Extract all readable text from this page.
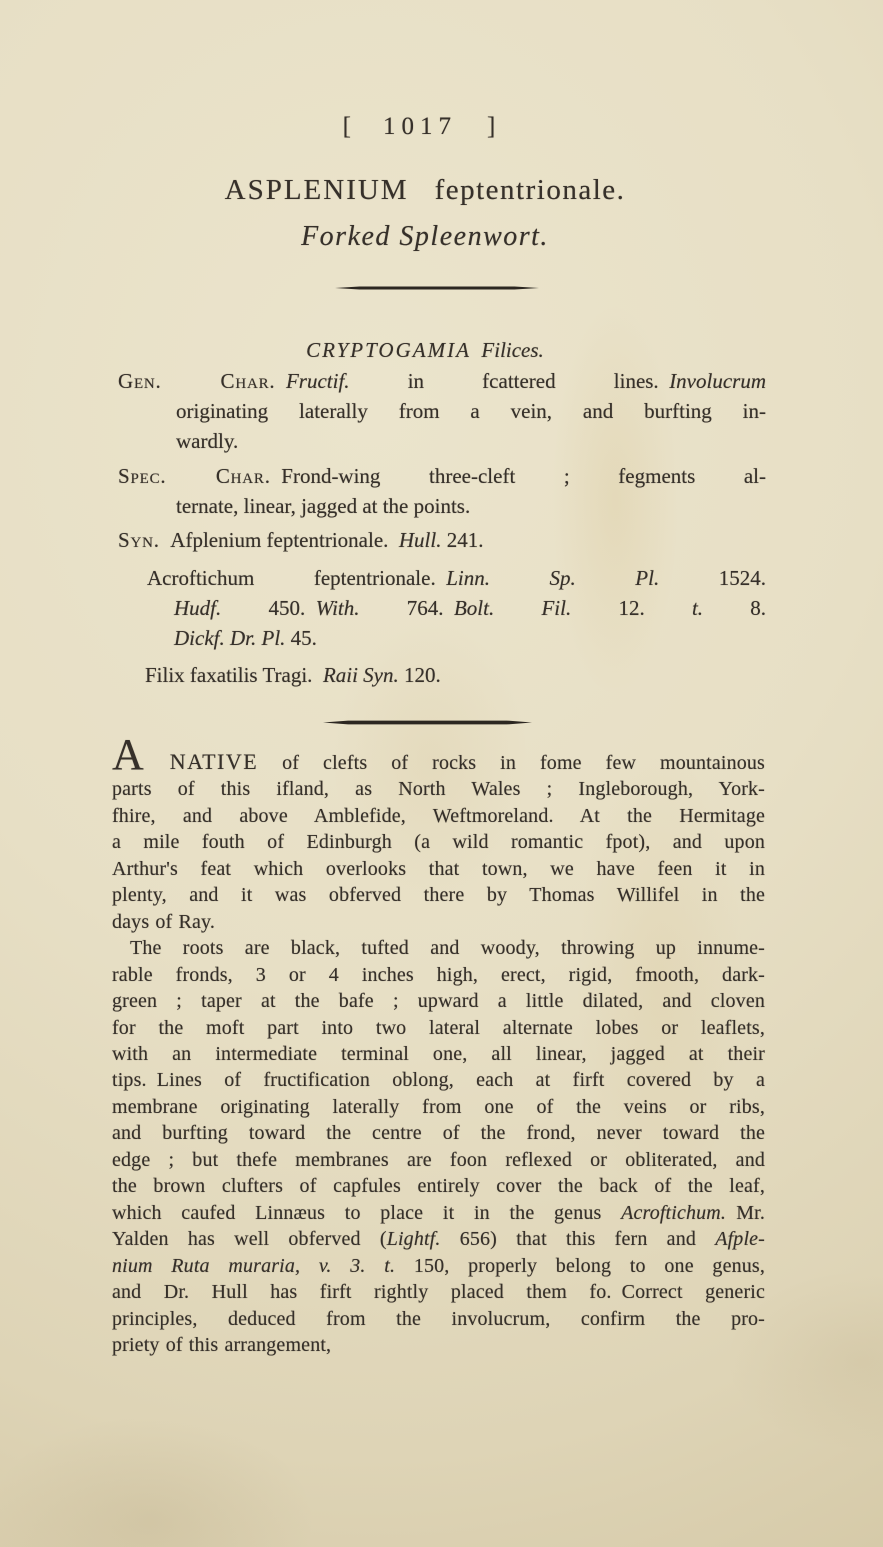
[ 1017 ]
ASPLENIUM feptentrionale.
Forked Spleenwort.
CRYPTOGAMIA  Filices.
Gen. Char.  Fructif. in fcattered lines. Involucrum
originating laterally from a vein, and burfting in-
wardly.
Spec. Char. Frond-wing three-cleft ; fegments al-
ternate, linear, jagged at the points.
Syn. Afplenium feptentrionale. Hull. 241.
Acroftichum feptentrionale. Linn. Sp. Pl. 1524.
Hudf. 450. With. 764. Bolt. Fil. 12. t. 8.
Dickf. Dr. Pl. 45.
Filix faxatilis Tragi. Raii Syn. 120.
A NATIVE of clefts of rocks in fome few mountainous
parts of this ifland, as North Wales ; Ingleborough, York-
fhire, and above Amblefide, Weftmoreland. At the Hermitage
a mile fouth of Edinburgh (a wild romantic fpot), and upon
Arthur's feat which overlooks that town, we have feen it in
plenty, and it was obferved there by Thomas Willifel in the
days of Ray.
The roots are black, tufted and woody, throwing up innume-
rable fronds, 3 or 4 inches high, erect, rigid, fmooth, dark-
green ; taper at the bafe ; upward a little dilated, and cloven
for the moft part into two lateral alternate lobes or leaflets,
with an intermediate terminal one, all linear, jagged at their
tips. Lines of fructification oblong, each at firft covered by a
membrane originating laterally from one of the veins or ribs,
and burfting toward the centre of the frond, never toward the
edge ; but thefe membranes are foon reflexed or obliterated, and
the brown clufters of capfules entirely cover the back of the leaf,
which caufed Linnæus to place it in the genus Acroftichum. Mr.
Yalden has well obferved (Lightf. 656) that this fern and Afple-
nium Ruta muraria, v. 3. t. 150, properly belong to one genus,
and Dr. Hull has firft rightly placed them fo. Correct generic
principles, deduced from the involucrum, confirm the pro-
priety of this arrangement,
